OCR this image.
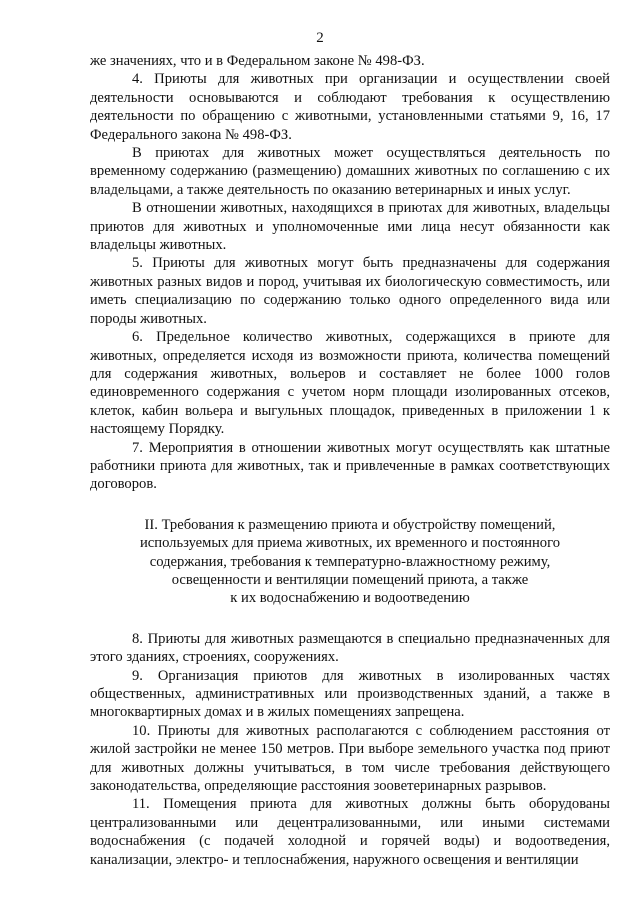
2

же значениях, что и в Федеральном законе № 498-ФЗ.

4. Приюты для животных при организации и осуществлении своей деятельности основываются и соблюдают требования к осуществлению деятельности по обращению с животными, установленными статьями 9, 16, 17 Федерального закона № 498-ФЗ.

В приютах для животных может осуществляться деятельность по временному содержанию (размещению) домашних животных по соглашению с их владельцами, а также деятельность по оказанию ветеринарных и иных услуг.

В отношении животных, находящихся в приютах для животных, владельцы приютов для животных и уполномоченные ими лица несут обязанности как владельцы животных.

5. Приюты для животных могут быть предназначены для содержания животных разных видов и пород, учитывая их биологическую совместимость, или иметь специализацию по содержанию только одного определенного вида или породы животных.

6. Предельное количество животных, содержащихся в приюте для животных, определяется исходя из возможности приюта, количества помещений для содержания животных, вольеров и составляет не более 1000 голов единовременного содержания с учетом норм площади изолированных отсеков, клеток, кабин вольера и выгульных площадок, приведенных в приложении 1 к настоящему Порядку.

7. Мероприятия в отношении животных могут осуществлять как штатные работники приюта для животных, так и привлеченные в рамках соответствующих договоров.

II. Требования к размещению приюта и обустройству помещений,
используемых для приема животных, их временного и постоянного
содержания, требования к температурно-влажностному режиму,
освещенности и вентиляции помещений приюта, а также
к их водоснабжению и водоотведению

8. Приюты для животных размещаются в специально предназначенных для этого зданиях, строениях, сооружениях.

9. Организация приютов для животных в изолированных частях общественных, административных или производственных зданий, а также в многоквартирных домах и в жилых помещениях запрещена.

10. Приюты для животных располагаются с соблюдением расстояния от жилой застройки не менее 150 метров. При выборе земельного участка под приют для животных должны учитываться, в том числе требования действующего законодательства, определяющие расстояния зооветеринарных разрывов.

11. Помещения приюта для животных должны быть оборудованы централизованными или децентрализованными, или иными системами водоснабжения (с подачей холодной и горячей воды) и водоотведения, канализации, электро- и теплоснабжения, наружного освещения и вентиляции
